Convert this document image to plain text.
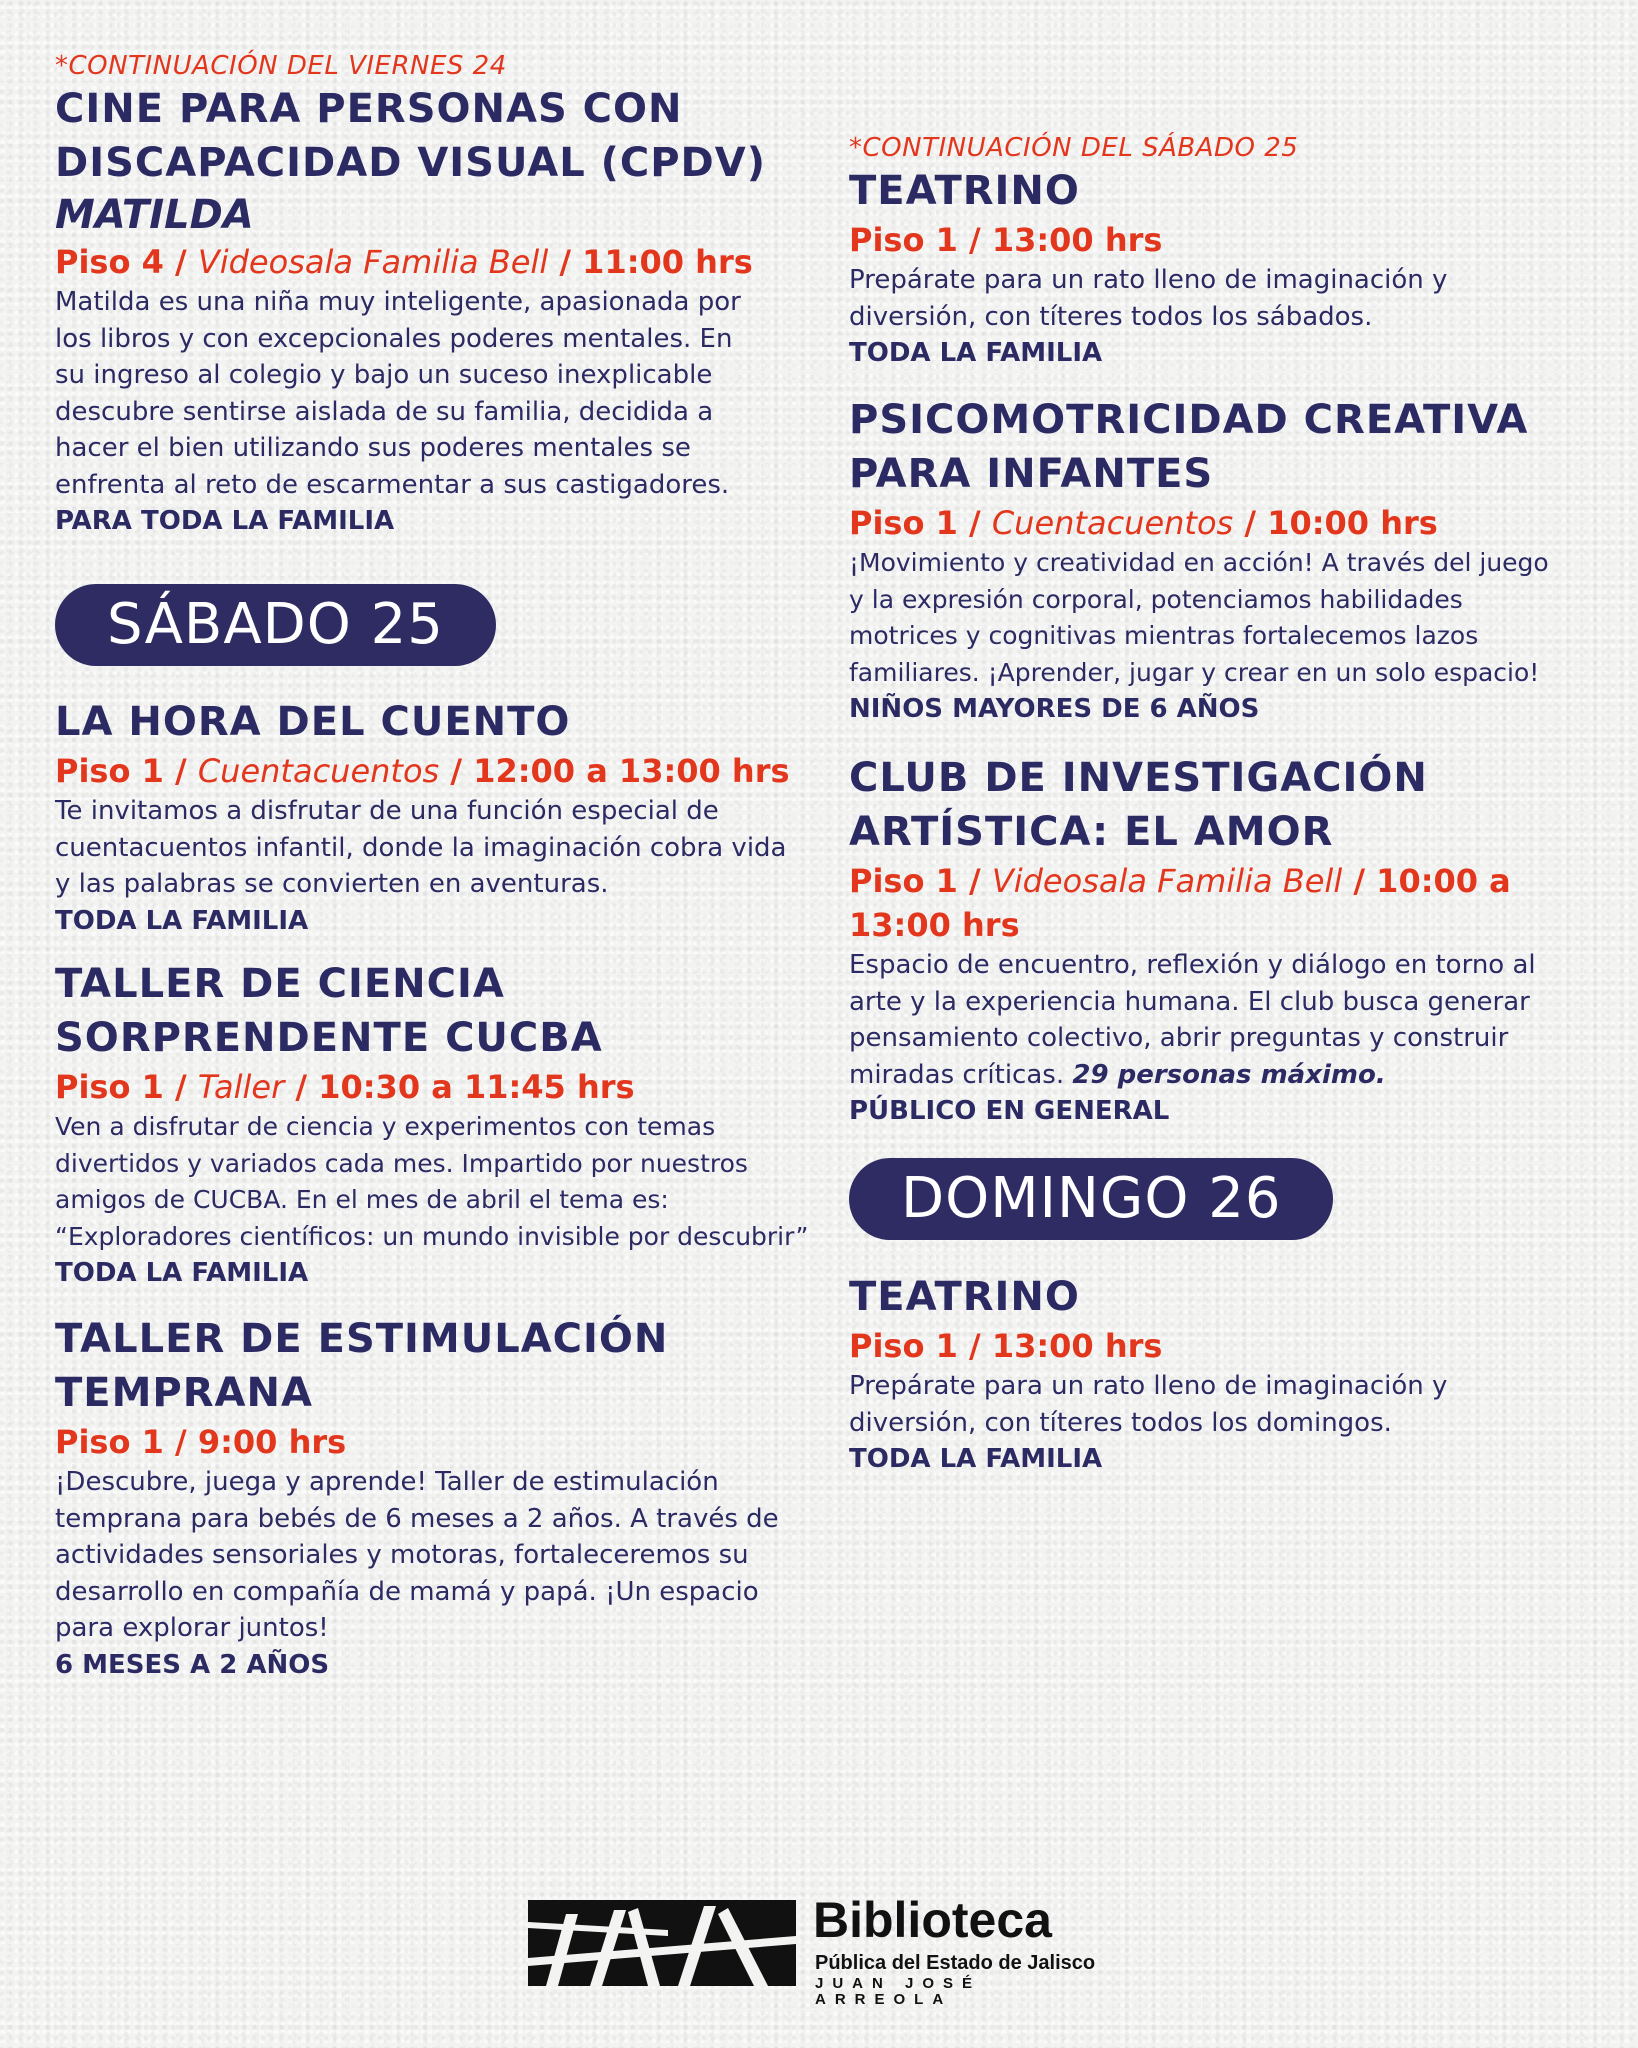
*CONTINUACIÓN DEL VIERNES 24
CINE PARA PERSONAS CON
DISCAPACIDAD VISUAL (CPDV)
MATILDA
Piso 4 / Videosala Familia Bell / 11:00 hrs
Matilda es una niña muy inteligente, apasionada por
los libros y con excepcionales poderes mentales. En
su ingreso al colegio y bajo un suceso inexplicable
descubre sentirse aislada de su familia, decidida a
hacer el bien utilizando sus poderes mentales se
enfrenta al reto de escarmentar a sus castigadores.
PARA TODA LA FAMILIA
SÁBADO 25
LA HORA DEL CUENTO
Piso 1 / Cuentacuentos / 12:00 a 13:00 hrs
Te invitamos a disfrutar de una función especial de
cuentacuentos infantil, donde la imaginación cobra vida
y las palabras se convierten en aventuras.
TODA LA FAMILIA
TALLER DE CIENCIA
SORPRENDENTE CUCBA
Piso 1 / Taller / 10:30 a 11:45 hrs
Ven a disfrutar de ciencia y experimentos con temas
divertidos y variados cada mes. Impartido por nuestros
amigos de CUCBA. En el mes de abril el tema es:
“Exploradores científicos: un mundo invisible por descubrir”
TODA LA FAMILIA
TALLER DE ESTIMULACIÓN
TEMPRANA
Piso 1 / 9:00 hrs
¡Descubre, juega y aprende! Taller de estimulación
temprana para bebés de 6 meses a 2 años. A través de
actividades sensoriales y motoras, fortaleceremos su
desarrollo en compañía de mamá y papá. ¡Un espacio
para explorar juntos!
6 MESES A 2 AÑOS
*CONTINUACIÓN DEL SÁBADO 25
TEATRINO
Piso 1 / 13:00 hrs
Prepárate para un rato lleno de imaginación y
diversión, con títeres todos los sábados.
TODA LA FAMILIA
PSICOMOTRICIDAD CREATIVA
PARA INFANTES
Piso 1 / Cuentacuentos / 10:00 hrs
¡Movimiento y creatividad en acción! A través del juego
y la expresión corporal, potenciamos habilidades
motrices y cognitivas mientras fortalecemos lazos
familiares. ¡Aprender, jugar y crear en un solo espacio!
NIÑOS MAYORES DE 6 AÑOS
CLUB DE INVESTIGACIÓN
ARTÍSTICA: EL AMOR
Piso 1 / Videosala Familia Bell / 10:00 a
13:00 hrs
Espacio de encuentro, reflexión y diálogo en torno al
arte y la experiencia humana. El club busca generar
pensamiento colectivo, abrir preguntas y construir
miradas críticas. 29 personas máximo.
PÚBLICO EN GENERAL
DOMINGO 26
TEATRINO
Piso 1 / 13:00 hrs
Prepárate para un rato lleno de imaginación y
diversión, con títeres todos los domingos.
TODA LA FAMILIA
Biblioteca
Pública del Estado de Jalisco
JUAN JOSÉ ARREOLA
